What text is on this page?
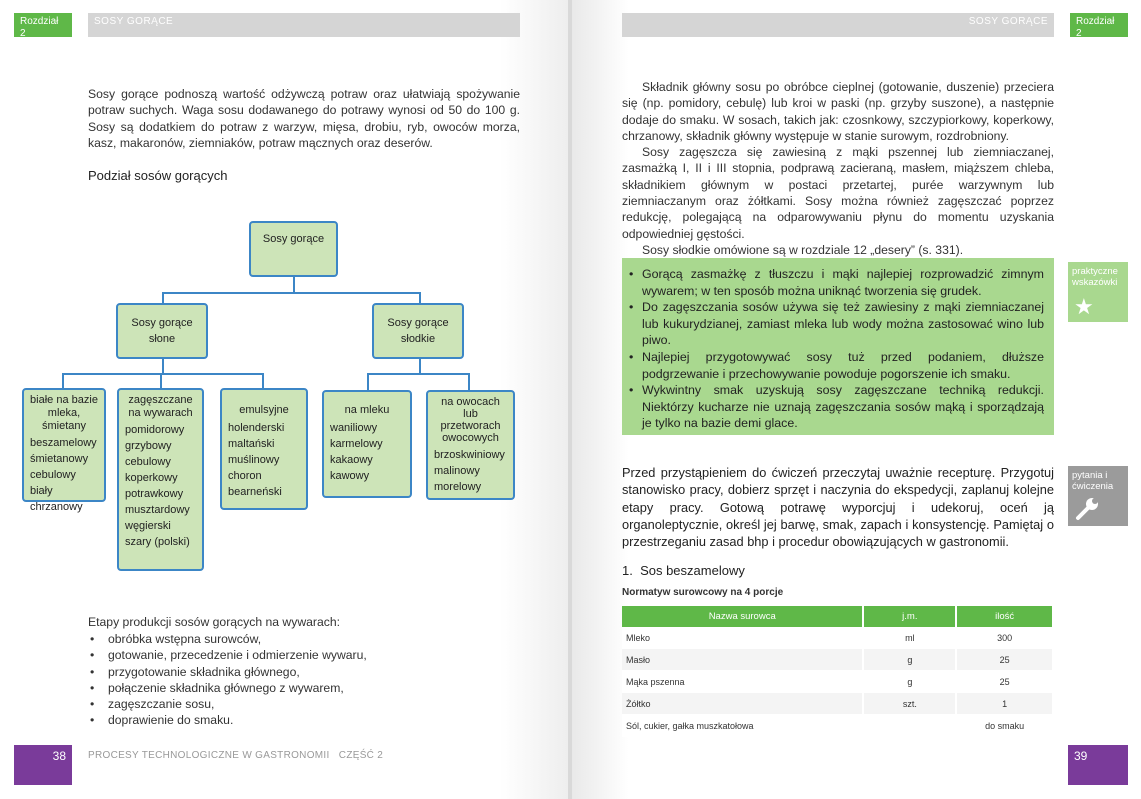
Rozdział 2
SOSY GORĄCE
Sosy gorące podnoszą wartość odżywczą potraw oraz ułatwiają spożywanie potraw suchych. Waga sosu dodawanego do potrawy wynosi od 50 do 100 g. Sosy są dodatkiem do potraw z warzyw, mięsa, drobiu, ryb, owoców morza, kasz, makaronów, ziemniaków, potraw mącznych oraz deserów.
Podział sosów gorących
Sosy gorące
Sosy gorące słone
Sosy gorące słodkie
białe na bazie mleka, śmietany
beszamelowy
śmietanowy
cebulowy biały
chrzanowy
zagęszczane na wywarach
pomidorowy
grzybowy
cebulowy
koperkowy
potrawkowy
musztardowy
węgierski
szary (polski)
emulsyjne
holenderski
maltański
muślinowy
choron
bearneński
na mleku
waniliowy
karmelowy
kakaowy
kawowy
na owocach lub przetworach owocowych
brzoskwiniowy
malinowy
morelowy
Etapy produkcji sosów gorących na wywarach:
• obróbka wstępna surowców,
• gotowanie, przecedzenie i odmierzenie wywaru,
• przygotowanie składnika głównego,
• połączenie składnika głównego z wywarem,
• zagęszczanie sosu,
• doprawienie do smaku.
38	PROCESY TECHNOLOGICZNE W GASTRONOMII   CZĘŚĆ 2
SOSY GORĄCE	Rozdział 2
Składnik główny sosu po obróbce cieplnej (gotowanie, duszenie) przeciera się (np. pomidory, cebulę) lub kroi w paski (np. grzyby suszone), a następnie dodaje do smaku. W sosach, takich jak: czosnkowy, szczypiorkowy, koperkowy, chrzanowy, składnik główny występuje w stanie surowym, rozdrobniony.
Sosy zagęszcza się zawiesiną z mąki pszennej lub ziemniaczanej, zasmażką I, II i III stopnia, podprawą zacieraną, masłem, miąższem chleba, składnikiem głównym w postaci przetartej, purée warzywnym lub ziemniaczanym oraz żółtkami. Sosy można również zagęszczać poprzez redukcję, polegającą na odparowywaniu płynu do momentu uzyskania odpowiedniej gęstości.
Sosy słodkie omówione są w rozdziale 12 „desery” (s. 331).
• Gorącą zasmażkę z tłuszczu i mąki najlepiej rozprowadzić zimnym wywarem; w ten sposób można uniknąć tworzenia się grudek.
• Do zagęszczania sosów używa się też zawiesiny z mąki ziemniaczanej lub kukurydzianej, zamiast mleka lub wody można zastosować wino lub piwo.
• Najlepiej przygotowywać sosy tuż przed podaniem, dłuższe podgrzewanie i przechowywanie powoduje pogorszenie ich smaku.
• Wykwintny smak uzyskują sosy zagęszczane techniką redukcji. Niektórzy kucharze nie uznają zagęszczania sosów mąką i sporządzają je tylko na bazie demi glace.
praktyczne wskazówki
★
Przed przystąpieniem do ćwiczeń przeczytaj uważnie recepturę. Przygotuj stanowisko pracy, dobierz sprzęt i naczynia do ekspedycji, zaplanuj kolejne etapy pracy. Gotową potrawę wyporcjuj i udekoruj, oceń ją organoleptycznie, określ jej barwę, smak, zapach i konsystencję. Pamiętaj o przestrzeganiu zasad bhp i procedur obowiązujących w gastronomii.
pytania i ćwiczenia
1.  Sos beszamelowy
Normatyw surowcowy na 4 porcje
Nazwa surowca	j.m.	ilość
Mleko	ml	300
Masło	g	25
Mąka pszenna	g	25
Żółtko	szt.	1
Sól, cukier, gałka muszkatołowa		do smaku
39
